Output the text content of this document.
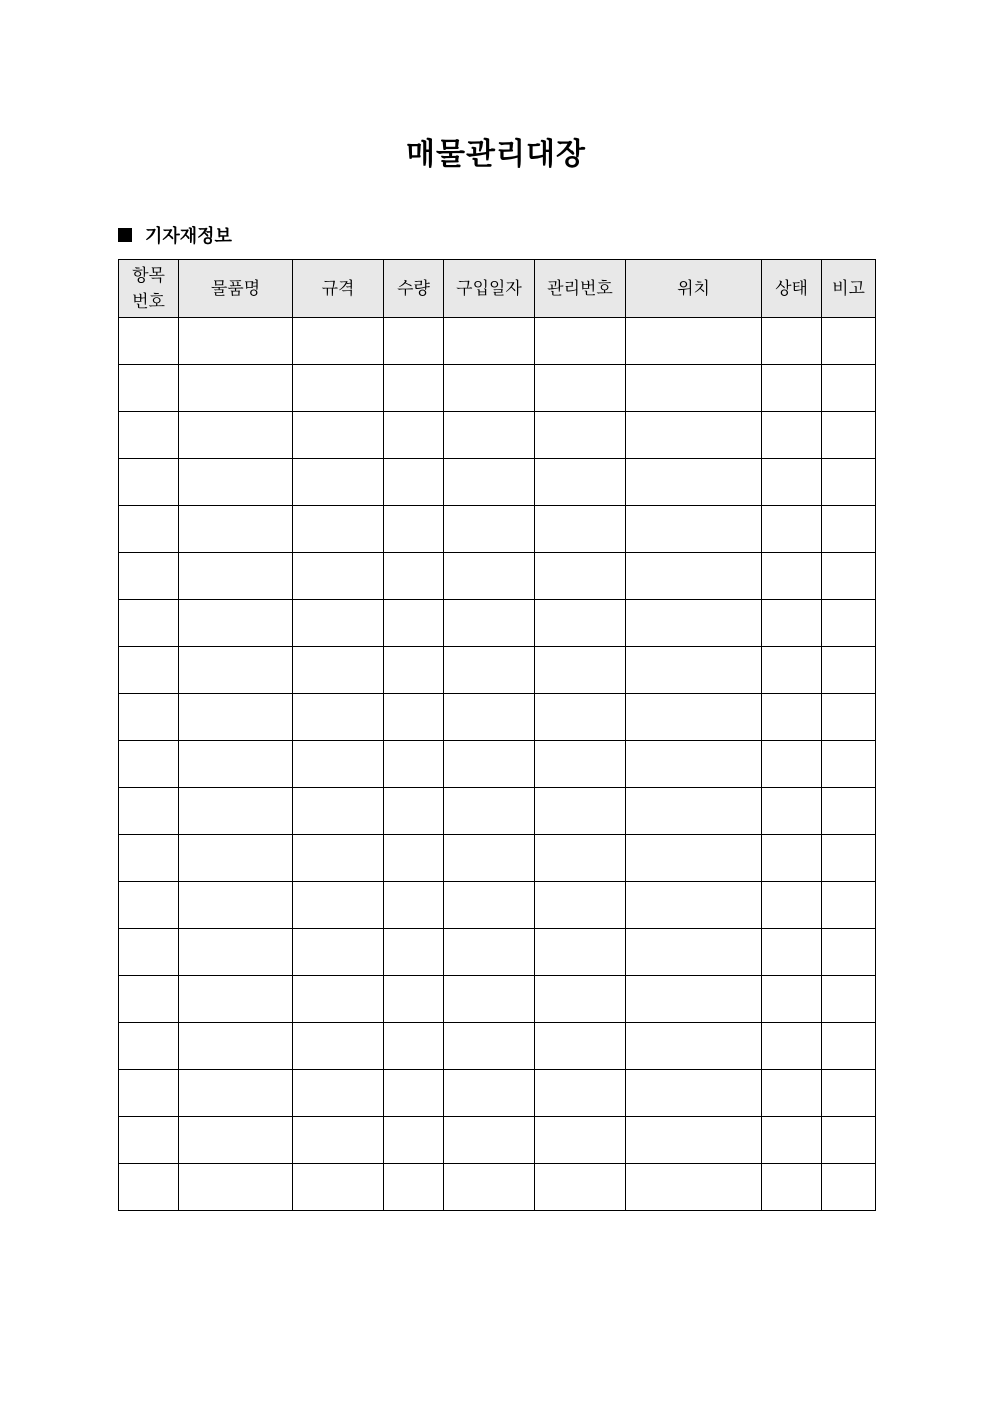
매물관리대장
기자재정보
항목
번호	물품명	규격	수량	구입일자	관리번호	위치	상태	비고
